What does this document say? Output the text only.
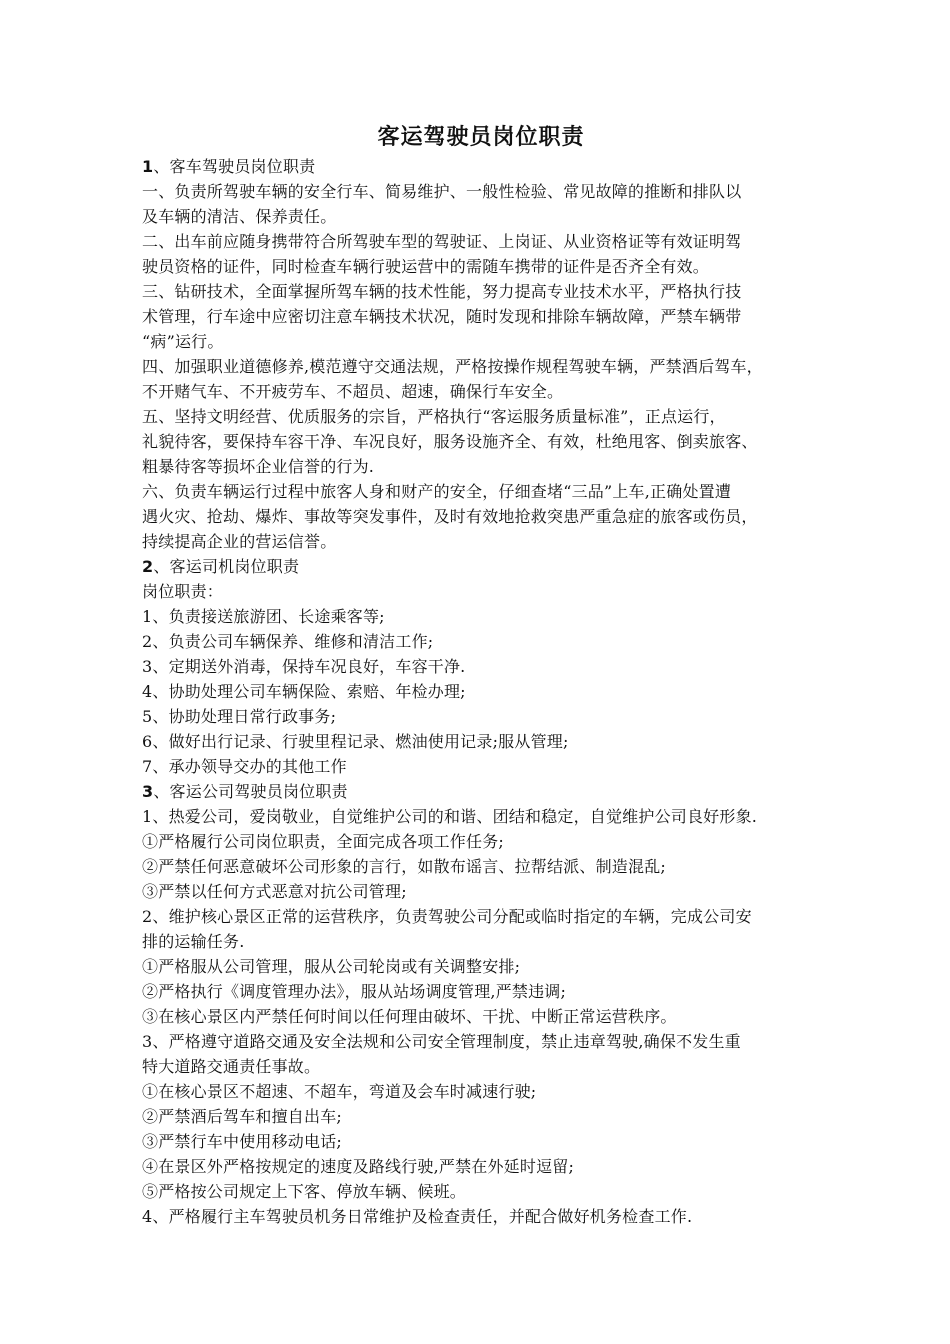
客运驾驶员岗位职责
1、客车驾驶员岗位职责
一、负责所驾驶车辆的安全行车、简易维护、一般性检验、常见故障的推断和排队以
及车辆的清洁、保养责任。
二、出车前应随身携带符合所驾驶车型的驾驶证、上岗证、从业资格证等有效证明驾
驶员资格的证件，同时检查车辆行驶运营中的需随车携带的证件是否齐全有效。
三、钻研技术，全面掌握所驾车辆的技术性能，努力提高专业技术水平，严格执行技
术管理，行车途中应密切注意车辆技术状况，随时发现和排除车辆故障，严禁车辆带
“病”运行。
四、加强职业道德修养,模范遵守交通法规，严格按操作规程驾驶车辆，严禁酒后驾车，
不开赌气车、不开疲劳车、不超员、超速，确保行车安全。
五、坚持文明经营、优质服务的宗旨，严格执行“客运服务质量标准”，正点运行，
礼貌待客，要保持车容干净、车况良好，服务设施齐全、有效，杜绝甩客、倒卖旅客、
粗暴待客等损坏企业信誉的行为.
六、负责车辆运行过程中旅客人身和财产的安全，仔细查堵“三品”上车,正确处置遭
遇火灾、抢劫、爆炸、事故等突发事件，及时有效地抢救突患严重急症的旅客或伤员，
持续提高企业的营运信誉。
2、客运司机岗位职责
岗位职责：
1、负责接送旅游团、长途乘客等;
2、负责公司车辆保养、维修和清洁工作;
3、定期送外消毒，保持车况良好，车容干净.
4、协助处理公司车辆保险、索赔、年检办理;
5、协助处理日常行政事务;
6、做好出行记录、行驶里程记录、燃油使用记录;服从管理;
7、承办领导交办的其他工作
3、客运公司驾驶员岗位职责
1、热爱公司，爱岗敬业，自觉维护公司的和谐、团结和稳定，自觉维护公司良好形象.
①严格履行公司岗位职责，全面完成各项工作任务;
②严禁任何恶意破坏公司形象的言行，如散布谣言、拉帮结派、制造混乱;
③严禁以任何方式恶意对抗公司管理;
2、维护核心景区正常的运营秩序，负责驾驶公司分配或临时指定的车辆，完成公司安
排的运输任务.
①严格服从公司管理，服从公司轮岗或有关调整安排;
②严格执行《调度管理办法》，服从站场调度管理,严禁违调;
③在核心景区内严禁任何时间以任何理由破坏、干扰、中断正常运营秩序。
3、严格遵守道路交通及安全法规和公司安全管理制度，禁止违章驾驶,确保不发生重
特大道路交通责任事故。
①在核心景区不超速、不超车，弯道及会车时减速行驶;
②严禁酒后驾车和擅自出车;
③严禁行车中使用移动电话;
④在景区外严格按规定的速度及路线行驶,严禁在外延时逗留;
⑤严格按公司规定上下客、停放车辆、候班。
4、严格履行主车驾驶员机务日常维护及检查责任，并配合做好机务检查工作.
